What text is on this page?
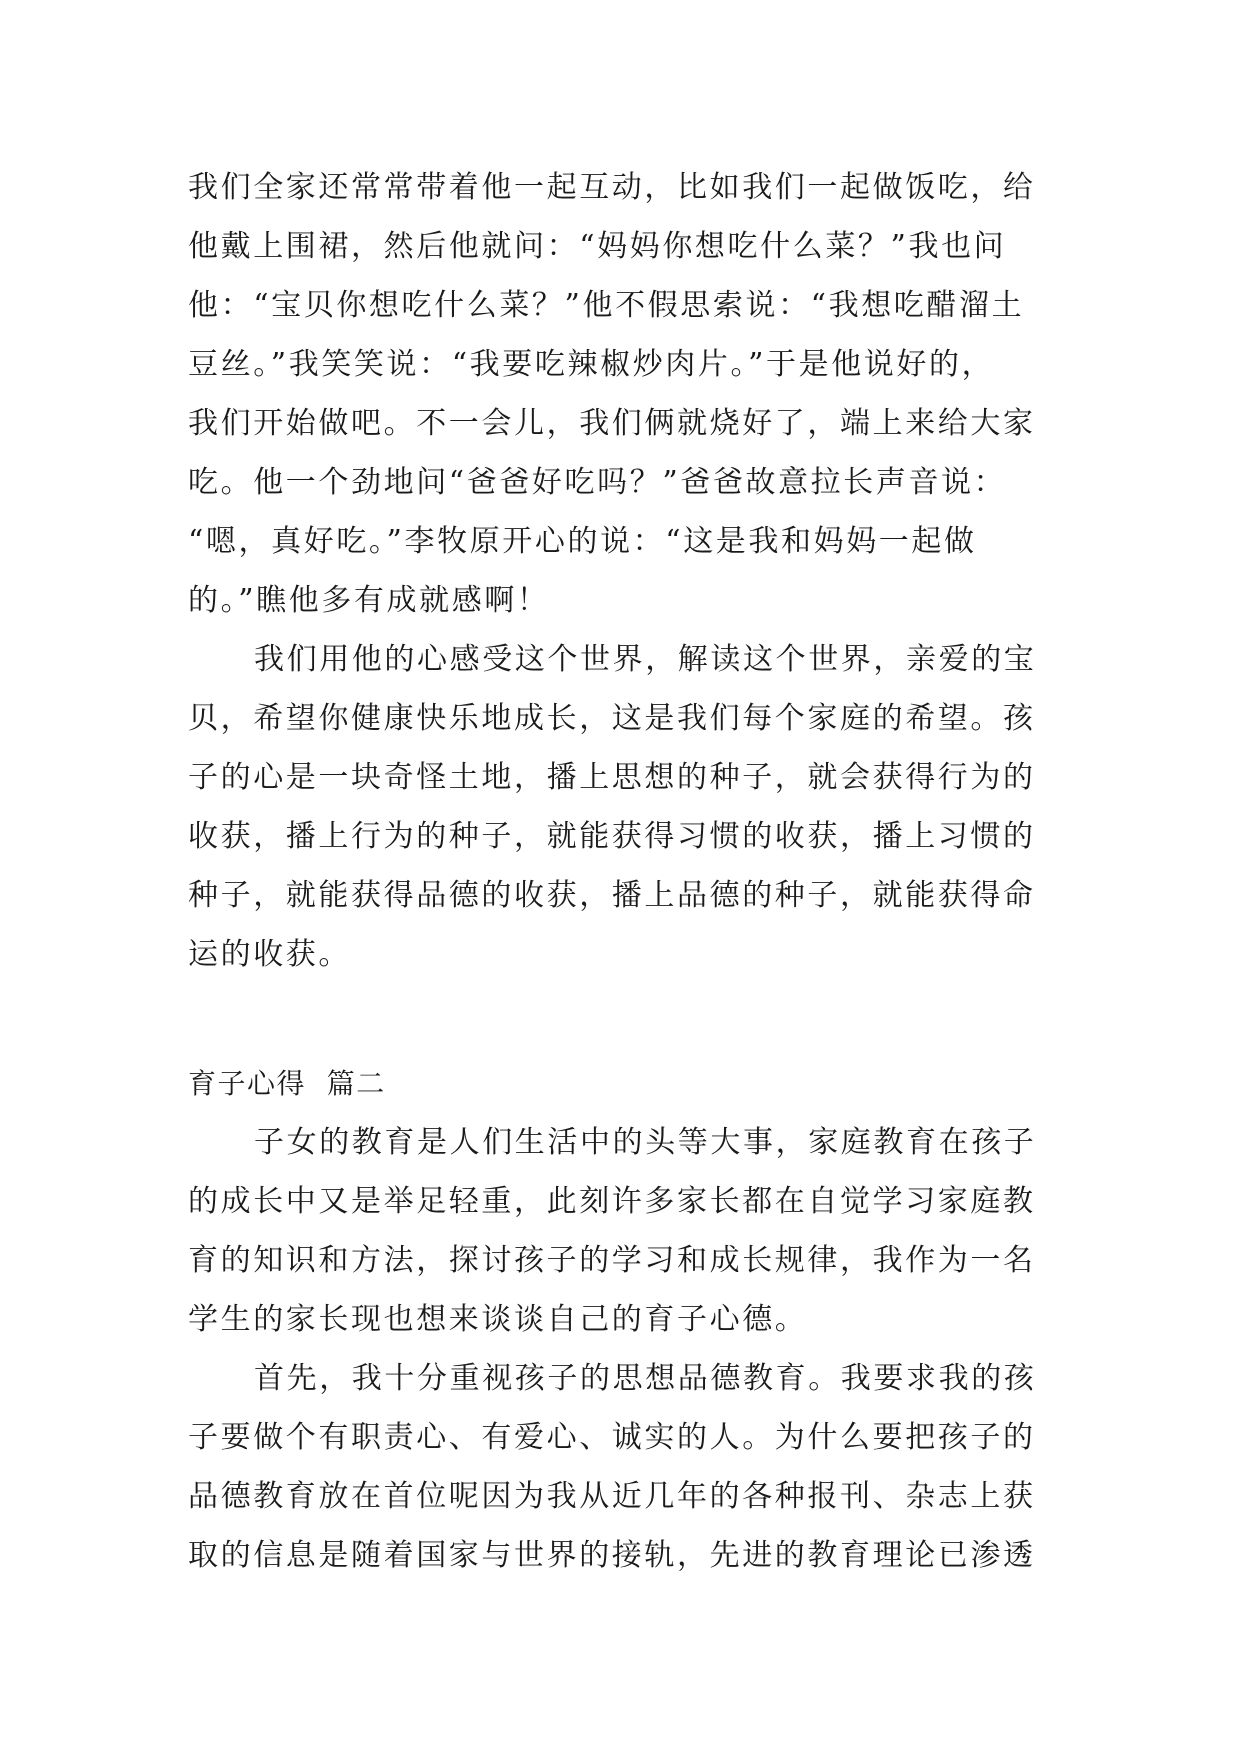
我们全家还常常带着他一起互动，比如我们一起做饭吃，给
他戴上围裙，然后他就问：“妈妈你想吃什么菜？”我也问
他：“宝贝你想吃什么菜？”他不假思索说：“我想吃醋溜土
豆丝。”我笑笑说：“我要吃辣椒炒肉片。”于是他说好的，
我们开始做吧。不一会儿，我们俩就烧好了，端上来给大家
吃。他一个劲地问“爸爸好吃吗？”爸爸故意拉长声音说：
“嗯，真好吃。”李牧原开心的说：“这是我和妈妈一起做
的。”瞧他多有成就感啊！
我们用他的心感受这个世界，解读这个世界，亲爱的宝
贝，希望你健康快乐地成长，这是我们每个家庭的希望。孩
子的心是一块奇怪土地，播上思想的种子，就会获得行为的
收获，播上行为的种子，就能获得习惯的收获，播上习惯的
种子，就能获得品德的收获，播上品德的种子，就能获得命
运的收获。
育子心得  篇二
子女的教育是人们生活中的头等大事，家庭教育在孩子
的成长中又是举足轻重，此刻许多家长都在自觉学习家庭教
育的知识和方法，探讨孩子的学习和成长规律，我作为一名
学生的家长现也想来谈谈自己的育子心德。
首先，我十分重视孩子的思想品德教育。我要求我的孩
子要做个有职责心、有爱心、诚实的人。为什么要把孩子的
品德教育放在首位呢因为我从近几年的各种报刊、杂志上获
取的信息是随着国家与世界的接轨，先进的教育理论已渗透
